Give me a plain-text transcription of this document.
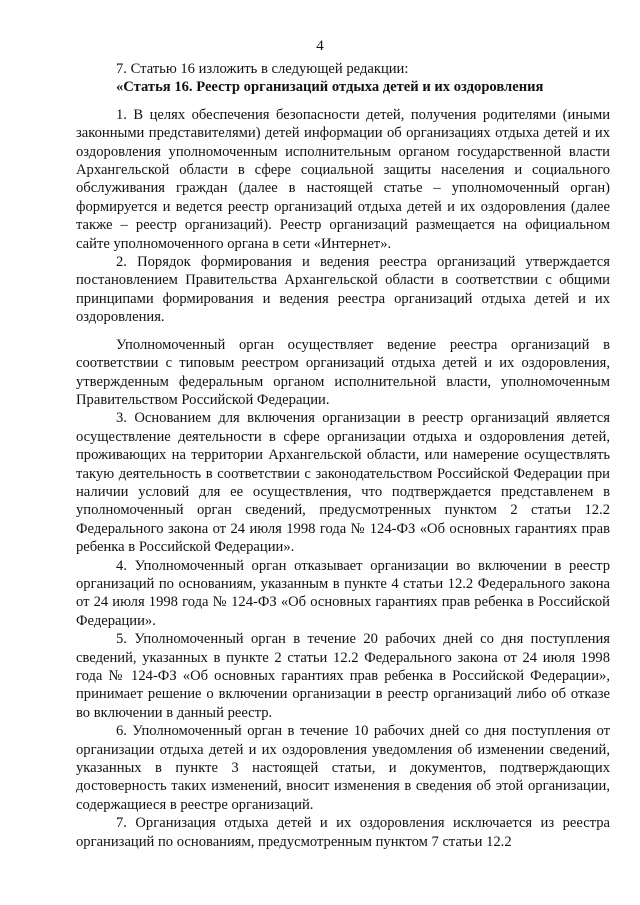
4

7. Статью 16 изложить в следующей редакции:

«Статья 16. Реестр организаций отдыха детей и их оздоровления

1. В целях обеспечения безопасности детей, получения родителями (иными законными представителями) детей информации об организациях отдыха детей и их оздоровления уполномоченным исполнительным органом государственной власти Архангельской области в сфере социальной защиты населения и социального обслуживания граждан (далее в настоящей статье – уполномоченный орган) формируется и ведется реестр организаций отдыха детей и их оздоровления (далее также – реестр организаций). Реестр организаций размещается на официальном сайте уполномоченного органа в сети «Интернет».

2. Порядок формирования и ведения реестра организаций утверждается постановлением Правительства Архангельской области в соответствии с общими принципами формирования и ведения реестра организаций отдыха детей и их оздоровления.

Уполномоченный орган осуществляет ведение реестра организаций в соответствии с типовым реестром организаций отдыха детей и их оздоровления, утвержденным федеральным органом исполнительной власти, уполномоченным Правительством Российской Федерации.

3. Основанием для включения организации в реестр организаций является осуществление деятельности в сфере организации отдыха и оздоровления детей, проживающих на территории Архангельской области, или намерение осуществлять такую деятельность в соответствии с законодательством Российской Федерации при наличии условий для ее осуществления, что подтверждается представленем в уполномоченный орган сведений, предусмотренных пунктом 2 статьи 12.2 Федерального закона от 24 июля 1998 года № 124-ФЗ «Об основных гарантиях прав ребенка в Российской Федерации».

4. Уполномоченный орган отказывает организации во включении в реестр организаций по основаниям, указанным в пункте 4 статьи 12.2 Федерального закона от 24 июля 1998 года № 124-ФЗ «Об основных гарантиях прав ребенка в Российской Федерации».

5. Уполномоченный орган в течение 20 рабочих дней со дня поступления сведений, указанных в пункте 2 статьи 12.2 Федерального закона от 24 июля 1998 года № 124-ФЗ «Об основных гарантиях прав ребенка в Российской Федерации», принимает решение о включении организации в реестр организаций либо об отказе во включении в данный реестр.

6. Уполномоченный орган в течение 10 рабочих дней со дня поступления от организации отдыха детей и их оздоровления уведомления об изменении сведений, указанных в пункте 3 настоящей статьи, и документов, подтверждающих достоверность таких изменений, вносит изменения в сведения об этой организации, содержащиеся в реестре организаций.

7. Организация отдыха детей и их оздоровления исключается из реестра организаций по основаниям, предусмотренным пунктом 7 статьи 12.2
